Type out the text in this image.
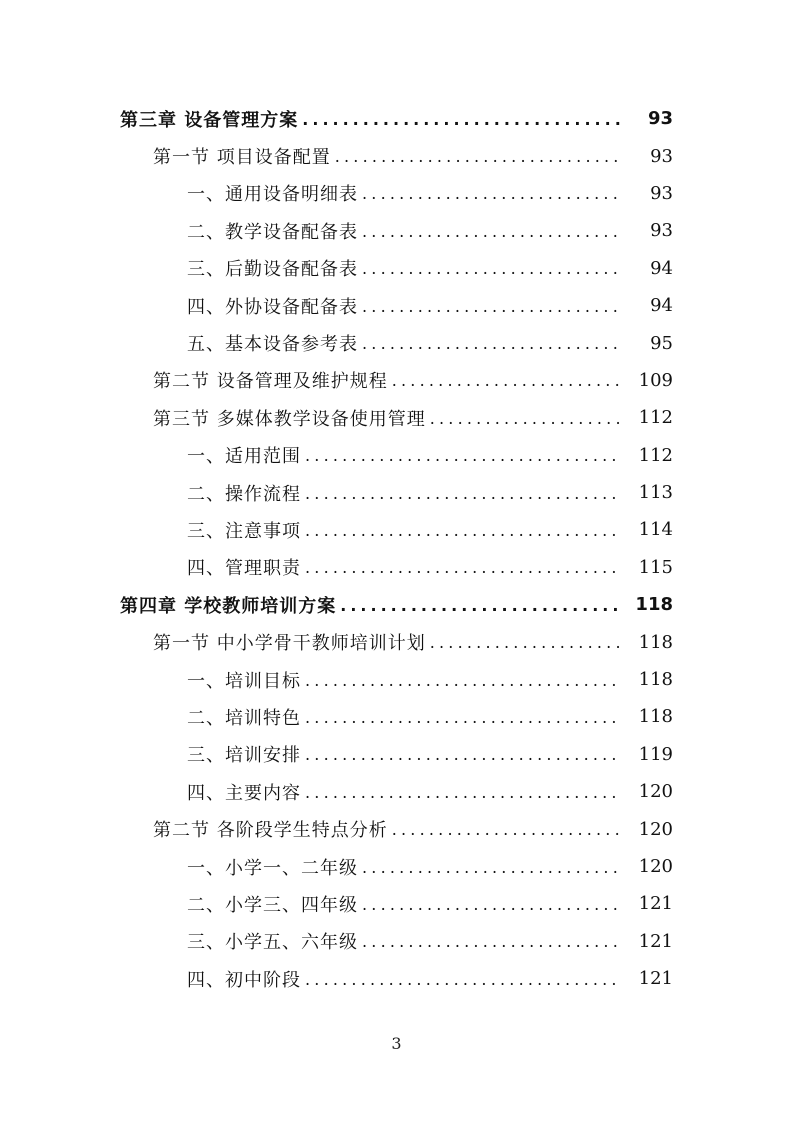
第三章 设备管理方案 .....	93
第一节 项目设备配置 .....	93
一、通用设备明细表 .....	93
二、教学设备配备表 .....	93
三、后勤设备配备表 .....	94
四、外协设备配备表 .....	94
五、基本设备参考表 .....	95
第二节 设备管理及维护规程 .....	109
第三节 多媒体教学设备使用管理 .....	112
一、适用范围 .....	112
二、操作流程 .....	113
三、注意事项 .....	114
四、管理职责 .....	115
第四章 学校教师培训方案 .....	118
第一节 中小学骨干教师培训计划 .....	118
一、培训目标 .....	118
二、培训特色 .....	118
三、培训安排 .....	119
四、主要内容 .....	120
第二节 各阶段学生特点分析 .....	120
一、小学一、二年级 .....	120
二、小学三、四年级 .....	121
三、小学五、六年级 .....	121
四、初中阶段 .....	121
3
